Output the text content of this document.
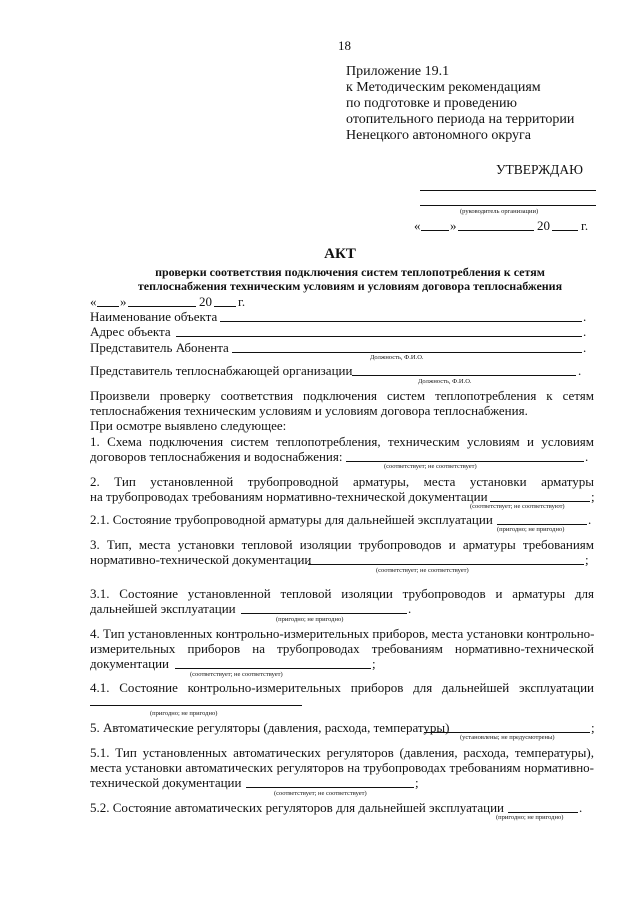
18
Приложение 19.1
к Методическим рекомендациям
по подготовке и проведению
отопительного периода на территории
Ненецкого автономного округа
УТВЕРЖДАЮ
(руководитель организации)
« »	20 г.
АКТ
проверки соответствия подключения систем теплопотребления к сетям
теплоснабжения техническим условиям и условиям договора теплоснабжения
« »	20 г.
Наименование объекта	.
Адрес объекта	.
Представитель Абонента	.
Должность, Ф.И.О.
Представитель теплоснабжающей организации	.
Должность, Ф.И.О.
Произвели проверку соответствия подключения систем теплопотребления к сетям
теплоснабжения техническим условиям и условиям договора теплоснабжения.
При осмотре выявлено следующее:
1. Схема подключения систем теплопотребления, техническим условиям и условиям
договоров теплоснабжения и водоснабжения:	.
(соответствует; не соответствует)
2. Тип установленной трубопроводной арматуры, места установки арматуры
на трубопроводах требованиям нормативно-технической документации	;
(соответствует; не соответствуют)
2.1. Состояние трубопроводной арматуры для дальнейшей эксплуатации	.
(пригодно; не пригодно)
3. Тип, места установки тепловой изоляции трубопроводов и арматуры требованиям
нормативно-технической документации	;
(соответствует; не соответствует)
3.1. Состояние установленной тепловой изоляции трубопроводов и арматуры для
дальнейшей эксплуатации	.
(пригодно; не пригодно)
4. Тип установленных контрольно-измерительных приборов, места установки контрольно-
измерительных приборов на трубопроводах требованиям нормативно-технической
документации	;
(соответствует; не соответствует)
4.1. Состояние контрольно-измерительных приборов для дальнейшей эксплуатации
(пригодно; не пригодно)
5. Автоматические регуляторы (давления, расхода, температуры)	;
(установлены; не предусмотрены)
5.1. Тип установленных автоматических регуляторов (давления, расхода, температуры),
места установки автоматических регуляторов на трубопроводах требованиям нормативно-
технической документации	;
(соответствует; не соответствует)
5.2. Состояние автоматических регуляторов для дальнейшей эксплуатации	.
(пригодно; не пригодно)
